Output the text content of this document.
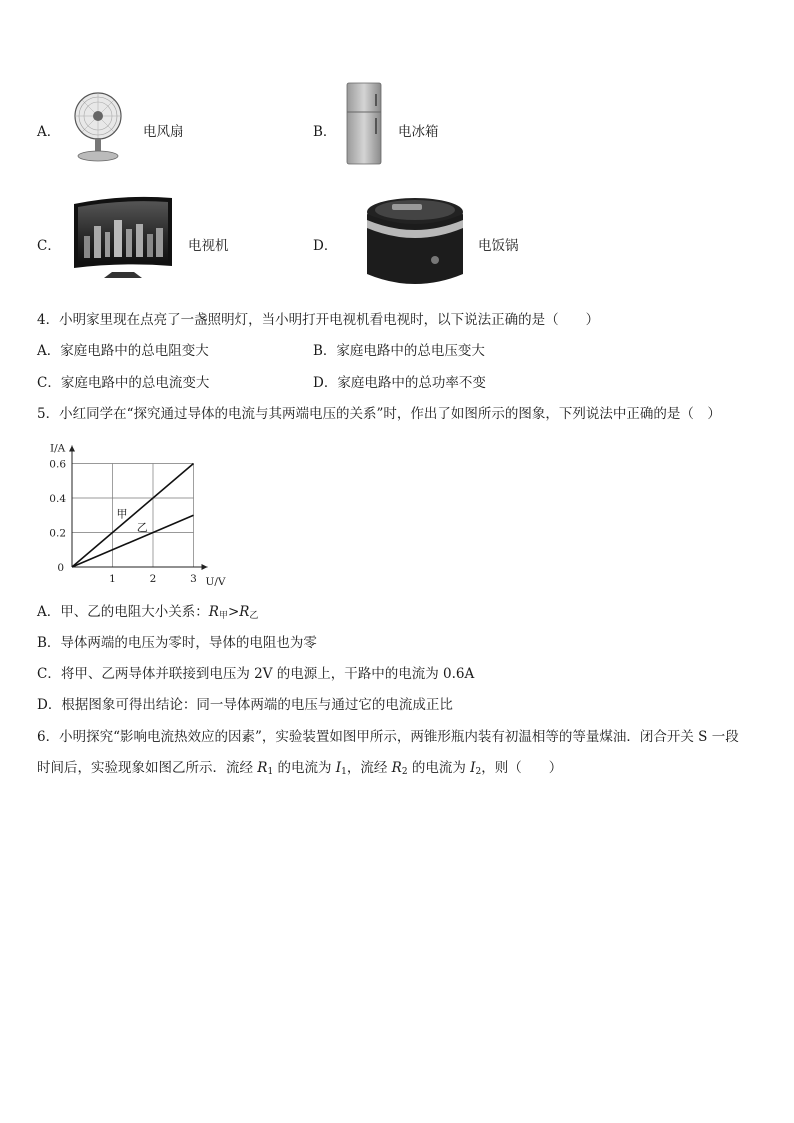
A．	电风扇	B．	电冰箱
C．	电视机	D．	电饭锅
4．小明家里现在点亮了一盏照明灯，当小明打开电视机看电视时，以下说法正确的是（　　）
A．家庭电路中的总电阻变大	B．家庭电路中的总电压变大
C．家庭电路中的总电流变大	D．家庭电路中的总功率不变
5．小红同学在“探究通过导体的电流与其两端电压的关系”时，作出了如图所示的图象，下列说法中正确的是（　）
1	2	3
0.2
0.4
0.6
0
U/V
I/A
甲
乙
A．甲、乙的电阻大小关系：$R_甲>R_乙$
B．导体两端的电压为零时，导体的电阻也为零
C．将甲、乙两导体并联接到电压为 2V 的电源上，干路中的电流为 0.6A
D．根据图象可得出结论：同一导体两端的电压与通过它的电流成正比
6．小明探究“影响电流热效应的因素”，实验装置如图甲所示，两锥形瓶内装有初温相等的等量煤油．闭合开关 S 一段
时间后，实验现象如图乙所示．流经 $R_1$ 的电流为 $I_1$，流经 $R_2$ 的电流为 $I_2$，则（　　）
